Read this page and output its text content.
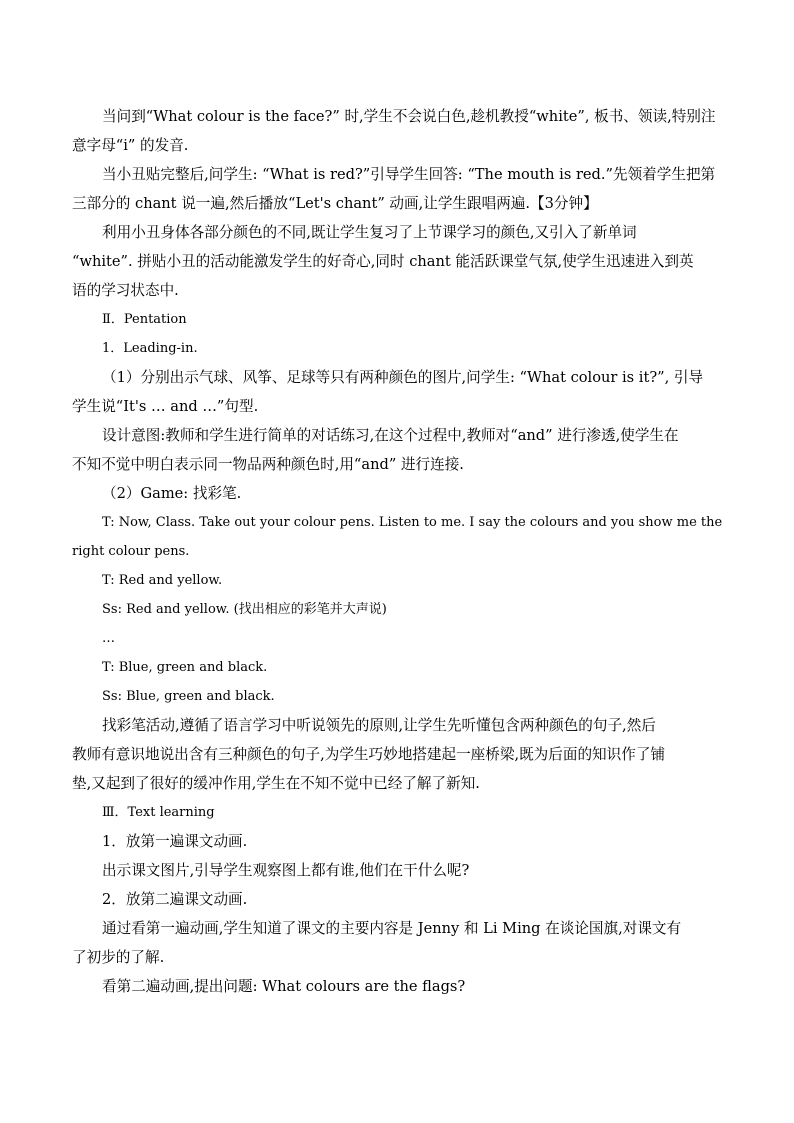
当问到“What colour is the face?” 时,学生不会说白色,趁机教授“white”, 板书、领读,特别注
意字母“i” 的发音.
当小丑贴完整后,问学生: “What is red?”引导学生回答: “The mouth is red.”先领着学生把第
三部分的 chant 说一遍,然后播放“Let's chant” 动画,让学生跟唱两遍.【3分钟】
利用小丑身体各部分颜色的不同,既让学生复习了上节课学习的颜色,又引入了新单词
“white”. 拼贴小丑的活动能激发学生的好奇心,同时 chant 能活跃课堂气氛,使学生迅速进入到英
语的学习状态中.
Ⅱ．Pentation
1．Leading-in.
（1）分别出示气球、风筝、足球等只有两种颜色的图片,问学生: “What colour is it?”, 引导
学生说“It's … and …”句型.
设计意图:教师和学生进行简单的对话练习,在这个过程中,教师对“and” 进行渗透,使学生在
不知不觉中明白表示同一物品两种颜色时,用“and” 进行连接.
（2）Game: 找彩笔.
T: Now, Class. Take out your colour pens. Listen to me. I say the colours and you show me the
right colour pens.
T: Red and yellow.
Ss: Red and yellow. (找出相应的彩笔并大声说)
…
T: Blue, green and black.
Ss: Blue, green and black.
找彩笔活动,遵循了语言学习中听说领先的原则,让学生先听懂包含两种颜色的句子,然后
教师有意识地说出含有三种颜色的句子,为学生巧妙地搭建起一座桥梁,既为后面的知识作了铺
垫,又起到了很好的缓冲作用,学生在不知不觉中已经了解了新知.
Ⅲ．Text learning
1．放第一遍课文动画.
出示课文图片,引导学生观察图上都有谁,他们在干什么呢?
2．放第二遍课文动画.
通过看第一遍动画,学生知道了课文的主要内容是 Jenny 和 Li Ming 在谈论国旗,对课文有
了初步的了解.
看第二遍动画,提出问题: What colours are the flags?
